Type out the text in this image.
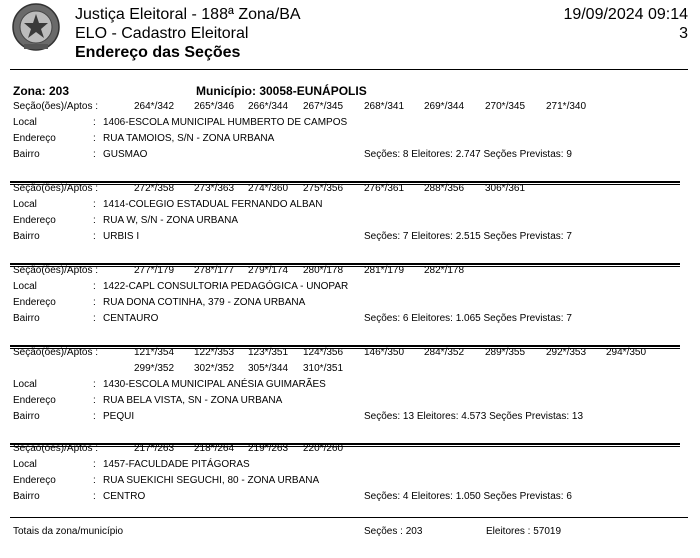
Justiça Eleitoral - 188ª Zona/BA
ELO - Cadastro Eleitoral
Endereço das Seções
19/09/2024 09:14
3
Zona: 203	Município: 30058-EUNÁPOLIS
Seção(ões)/Aptos :	264*/342 265*/346 266*/344 267*/345 268*/341 269*/344 270*/345 271*/340
Local	: 1406-ESCOLA MUNICIPAL HUMBERTO DE CAMPOS
Endereço	: RUA TAMOIOS, S/N - ZONA URBANA
Bairro	: GUSMAO	Seções: 8 Eleitores: 2.747 Seções Previstas: 9
Seção(ões)/Aptos :	272*/358 273*/363 274*/360 275*/356 276*/361 288*/356 306*/361
Local	: 1414-COLEGIO ESTADUAL FERNANDO ALBAN
Endereço	: RUA W, S/N - ZONA URBANA
Bairro	: URBIS I	Seções: 7 Eleitores: 2.515 Seções Previstas: 7
Seção(ões)/Aptos :	277*/179 278*/177 279*/174 280*/178 281*/179 282*/178
Local	: 1422-CAPL CONSULTORIA PEDAGÓGICA - UNOPAR
Endereço	: RUA DONA COTINHA, 379 - ZONA URBANA
Bairro	: CENTAURO	Seções: 6 Eleitores: 1.065 Seções Previstas: 7
Seção(ões)/Aptos :	121*/354 122*/353 123*/351 124*/356 146*/350 284*/352 289*/355 292*/353 294*/350
299*/352 302*/352 305*/344 310*/351
Local	: 1430-ESCOLA MUNICIPAL ANÉSIA GUIMARÃES
Endereço	: RUA BELA VISTA, SN - ZONA URBANA
Bairro	: PEQUI	Seções: 13 Eleitores: 4.573 Seções Previstas: 13
Seção(ões)/Aptos :	217*/263 218*/264 219*/263 220*/260
Local	: 1457-FACULDADE PITÁGORAS
Endereço	: RUA SUEKICHI SEGUCHI, 80 - ZONA URBANA
Bairro	: CENTRO	Seções: 4 Eleitores: 1.050 Seções Previstas: 6
Totais da zona/município	Seções : 203	Eleitores : 57019
